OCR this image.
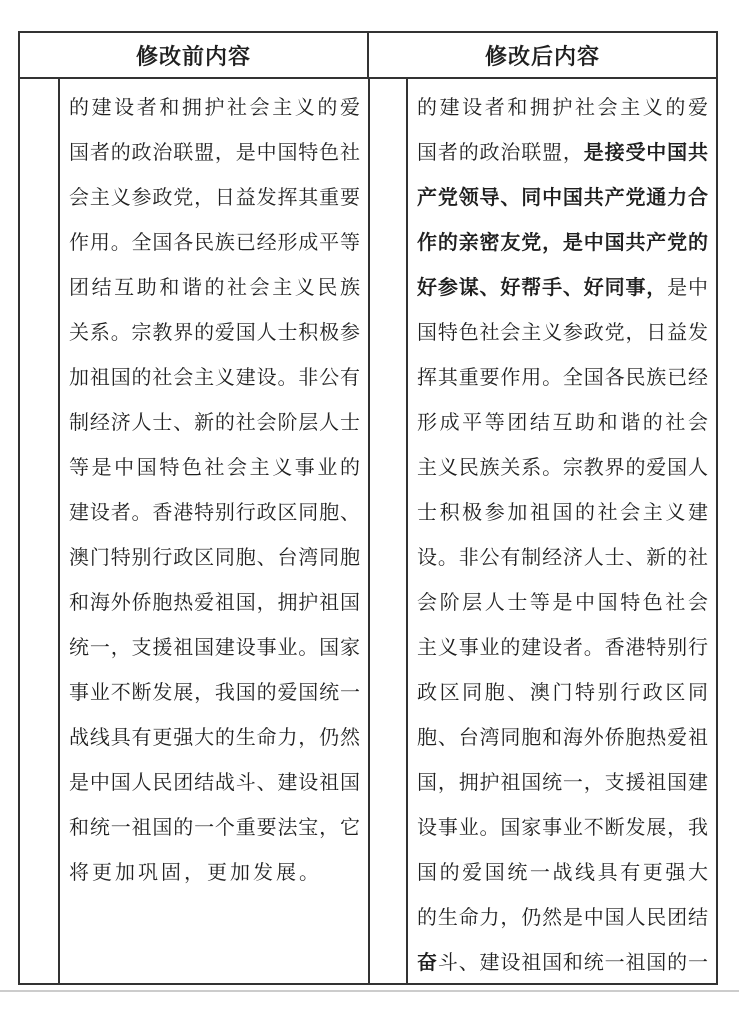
修改前内容	修改后内容
的 建 设 者 和 拥 护 社 会 主 义 的 爱
国 者 的 政 治 联 盟 ， 是 中 国 特 色 社
会 主 义 参 政 党 ， 日 益 发 挥 其 重 要
作 用 。 全 国 各 民 族 已 经 形 成 平 等
团 结 互 助 和 谐 的 社 会 主 义 民 族
关 系 。 宗 教 界 的 爱 国 人 士 积 极 参
加 祖 国 的 社 会 主 义 建 设 。 非 公 有
制 经 济 人 士 、 新 的 社 会 阶 层 人 士
等 是 中 国 特 色 社 会 主 义 事 业 的
建 设 者 。 香 港 特 别 行 政 区 同 胞 、
澳 门 特 别 行 政 区 同 胞 、 台 湾 同 胞
和 海 外 侨 胞 热 爱 祖 国 ， 拥 护 祖 国
统 一 ， 支 援 祖 国 建 设 事 业 。 国 家
事 业 不 断 发 展 ， 我 国 的 爱 国 统 一
战 线 具 有 更 强 大 的 生 命 力 ， 仍 然
是 中 国 人 民 团 结 战 斗 、 建 设 祖 国
和 统 一 祖 国 的 一 个 重 要 法 宝 ， 它
将 更 加 巩 固 ， 更 加 发 展 。
的 建 设 者 和 拥 护 社 会 主 义 的 爱
国 者 的 政 治 联 盟 ， 是 接 受 中 国 共
产 党 领 导 、 同 中 国 共 产 党 通 力 合
作 的 亲 密 友 党 ， 是 中 国 共 产 党 的
好 参 谋 、 好 帮 手 、 好 同 事 ， 是 中
国 特 色 社 会 主 义 参 政 党 ， 日 益 发
挥 其 重 要 作 用 。 全 国 各 民 族 已 经
形 成 平 等 团 结 互 助 和 谐 的 社 会
主 义 民 族 关 系 。 宗 教 界 的 爱 国 人
士 积 极 参 加 祖 国 的 社 会 主 义 建
设 。 非 公 有 制 经 济 人 士 、 新 的 社
会 阶 层 人 士 等 是 中 国 特 色 社 会
主 义 事 业 的 建 设 者 。 香 港 特 别 行
政 区 同 胞 、 澳 门 特 别 行 政 区 同
胞 、 台 湾 同 胞 和 海 外 侨 胞 热 爱 祖
国 ， 拥 护 祖 国 统 一 ， 支 援 祖 国 建
设 事 业 。 国 家 事 业 不 断 发 展 ， 我
国 的 爱 国 统 一 战 线 具 有 更 强 大
的 生 命 力 ， 仍 然 是 中 国 人 民 团 结
奋 斗 、 建 设 祖 国 和 统 一 祖 国 的 一
